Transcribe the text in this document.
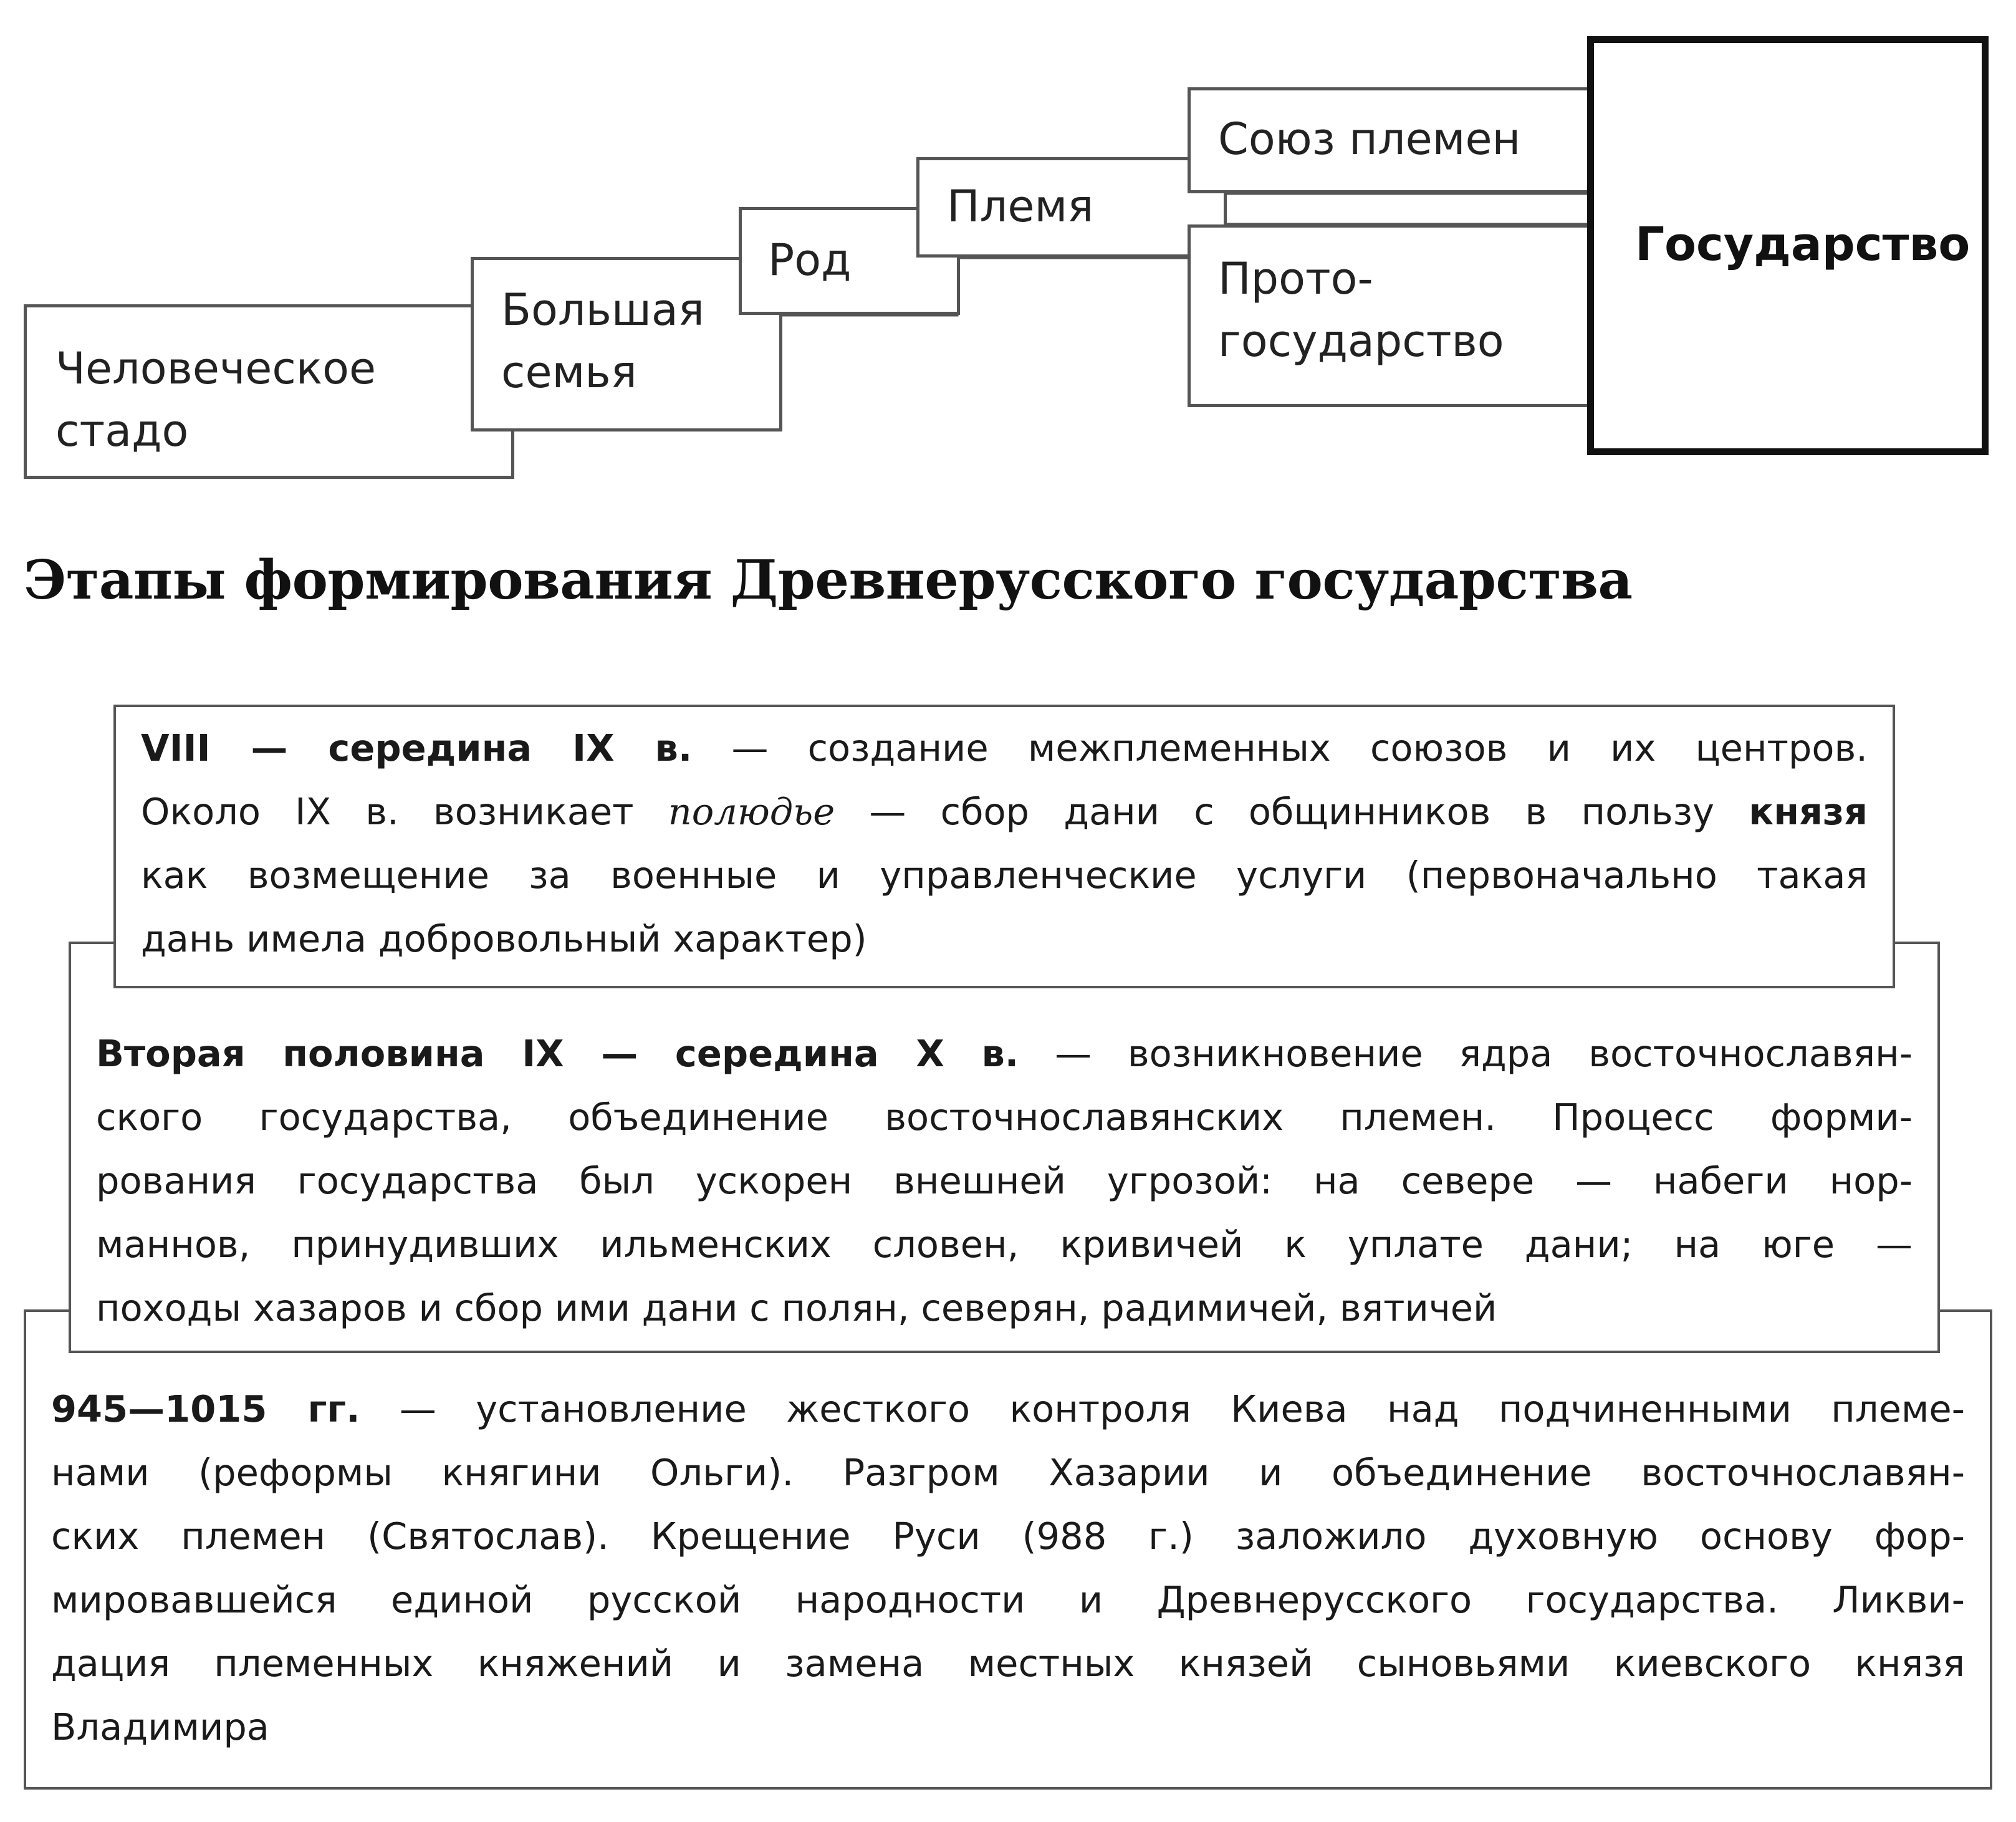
Человеческое
стадо
Большая
семья
Род
Племя
Союз племен
Прото-
государство
Государство
Этапы формирования Древнерусского государства
945—1015 гг. — установление жесткого контроля Киева над подчиненными племе-
нами (реформы княгини Ольги). Разгром Хазарии и объединение восточнославян-
ских племен (Святослав). Крещение Руси (988 г.) заложило духовную основу фор-
мировавшейся единой русской народности и Древнерусского государства. Ликви-
дация племенных княжений и замена местных князей сыновьями киевского князя
Владимира
Вторая половина IX — середина X в. — возникновение ядра восточнославян-
ского государства, объединение восточнославянских племен. Процесс форми-
рования государства был ускорен внешней угрозой: на севере — набеги нор-
маннов, принудивших ильменских словен, кривичей к уплате дани; на юге —
походы хазаров и сбор ими дани с полян, северян, радимичей, вятичей
VIII — середина IX в. — создание межплеменных союзов и их центров.
Около IX в. возникает полюдье — сбор дани с общинников в пользу князя
как возмещение за военные и управленческие услуги (первоначально такая
дань имела добровольный характер)
